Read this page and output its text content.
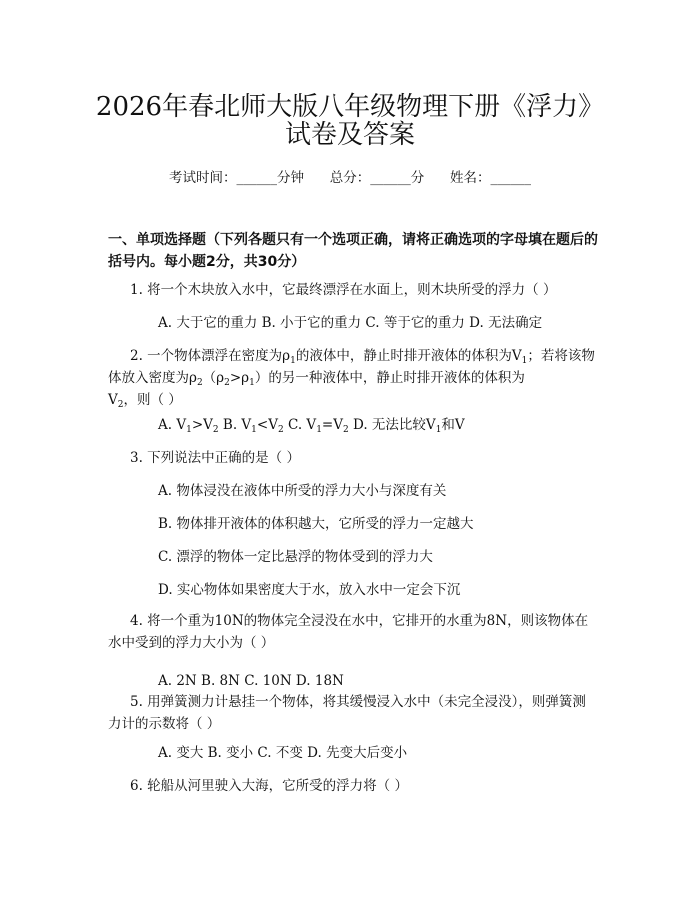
2026年春北师大版八年级物理下册《浮力》
试卷及答案
考试时间：______分钟      总分：______分      姓名：______
一、单项选择题（下列各题只有一个选项正确，请将正确选项的字母填在题后的括号内。每小题2分，共30分）
1. 将一个木块放入水中，它最终漂浮在水面上，则木块所受的浮力（ ）
A. 大于它的重力 B. 小于它的重力 C. 等于它的重力 D. 无法确定
2. 一个物体漂浮在密度为$\rho_1$的液体中，静止时排开液体的体积为$V_1$；若将该物体放入密度为$\rho_2(\rho_2>\rho_1)$的另一种液体中，静止时排开液体的体积为$V_2$，则（ ）
A. $V_1>V_2$ B. $V_1<V_2$ C. $V_1=V_2$ D. 无法比较$V_1$和V
3. 下列说法中正确的是（ ）
A. 物体浸没在液体中所受的浮力大小与深度有关
B. 物体排开液体的体积越大，它所受的浮力一定越大
C. 漂浮的物体一定比悬浮的物体受到的浮力大
D. 实心物体如果密度大于水，放入水中一定会下沉
4. 将一个重为10N的物体完全浸没在水中，它排开的水重为8N，则该物体在水中受到的浮力大小为（ ）
A. 2N B. 8N C. 10N D. 18N
5. 用弹簧测力计悬挂一个物体，将其缓慢浸入水中（未完全浸没），则弹簧测力计的示数将（ ）
A. 变大 B. 变小 C. 不变 D. 先变大后变小
6. 轮船从河里驶入大海，它所受的浮力将（ ）
